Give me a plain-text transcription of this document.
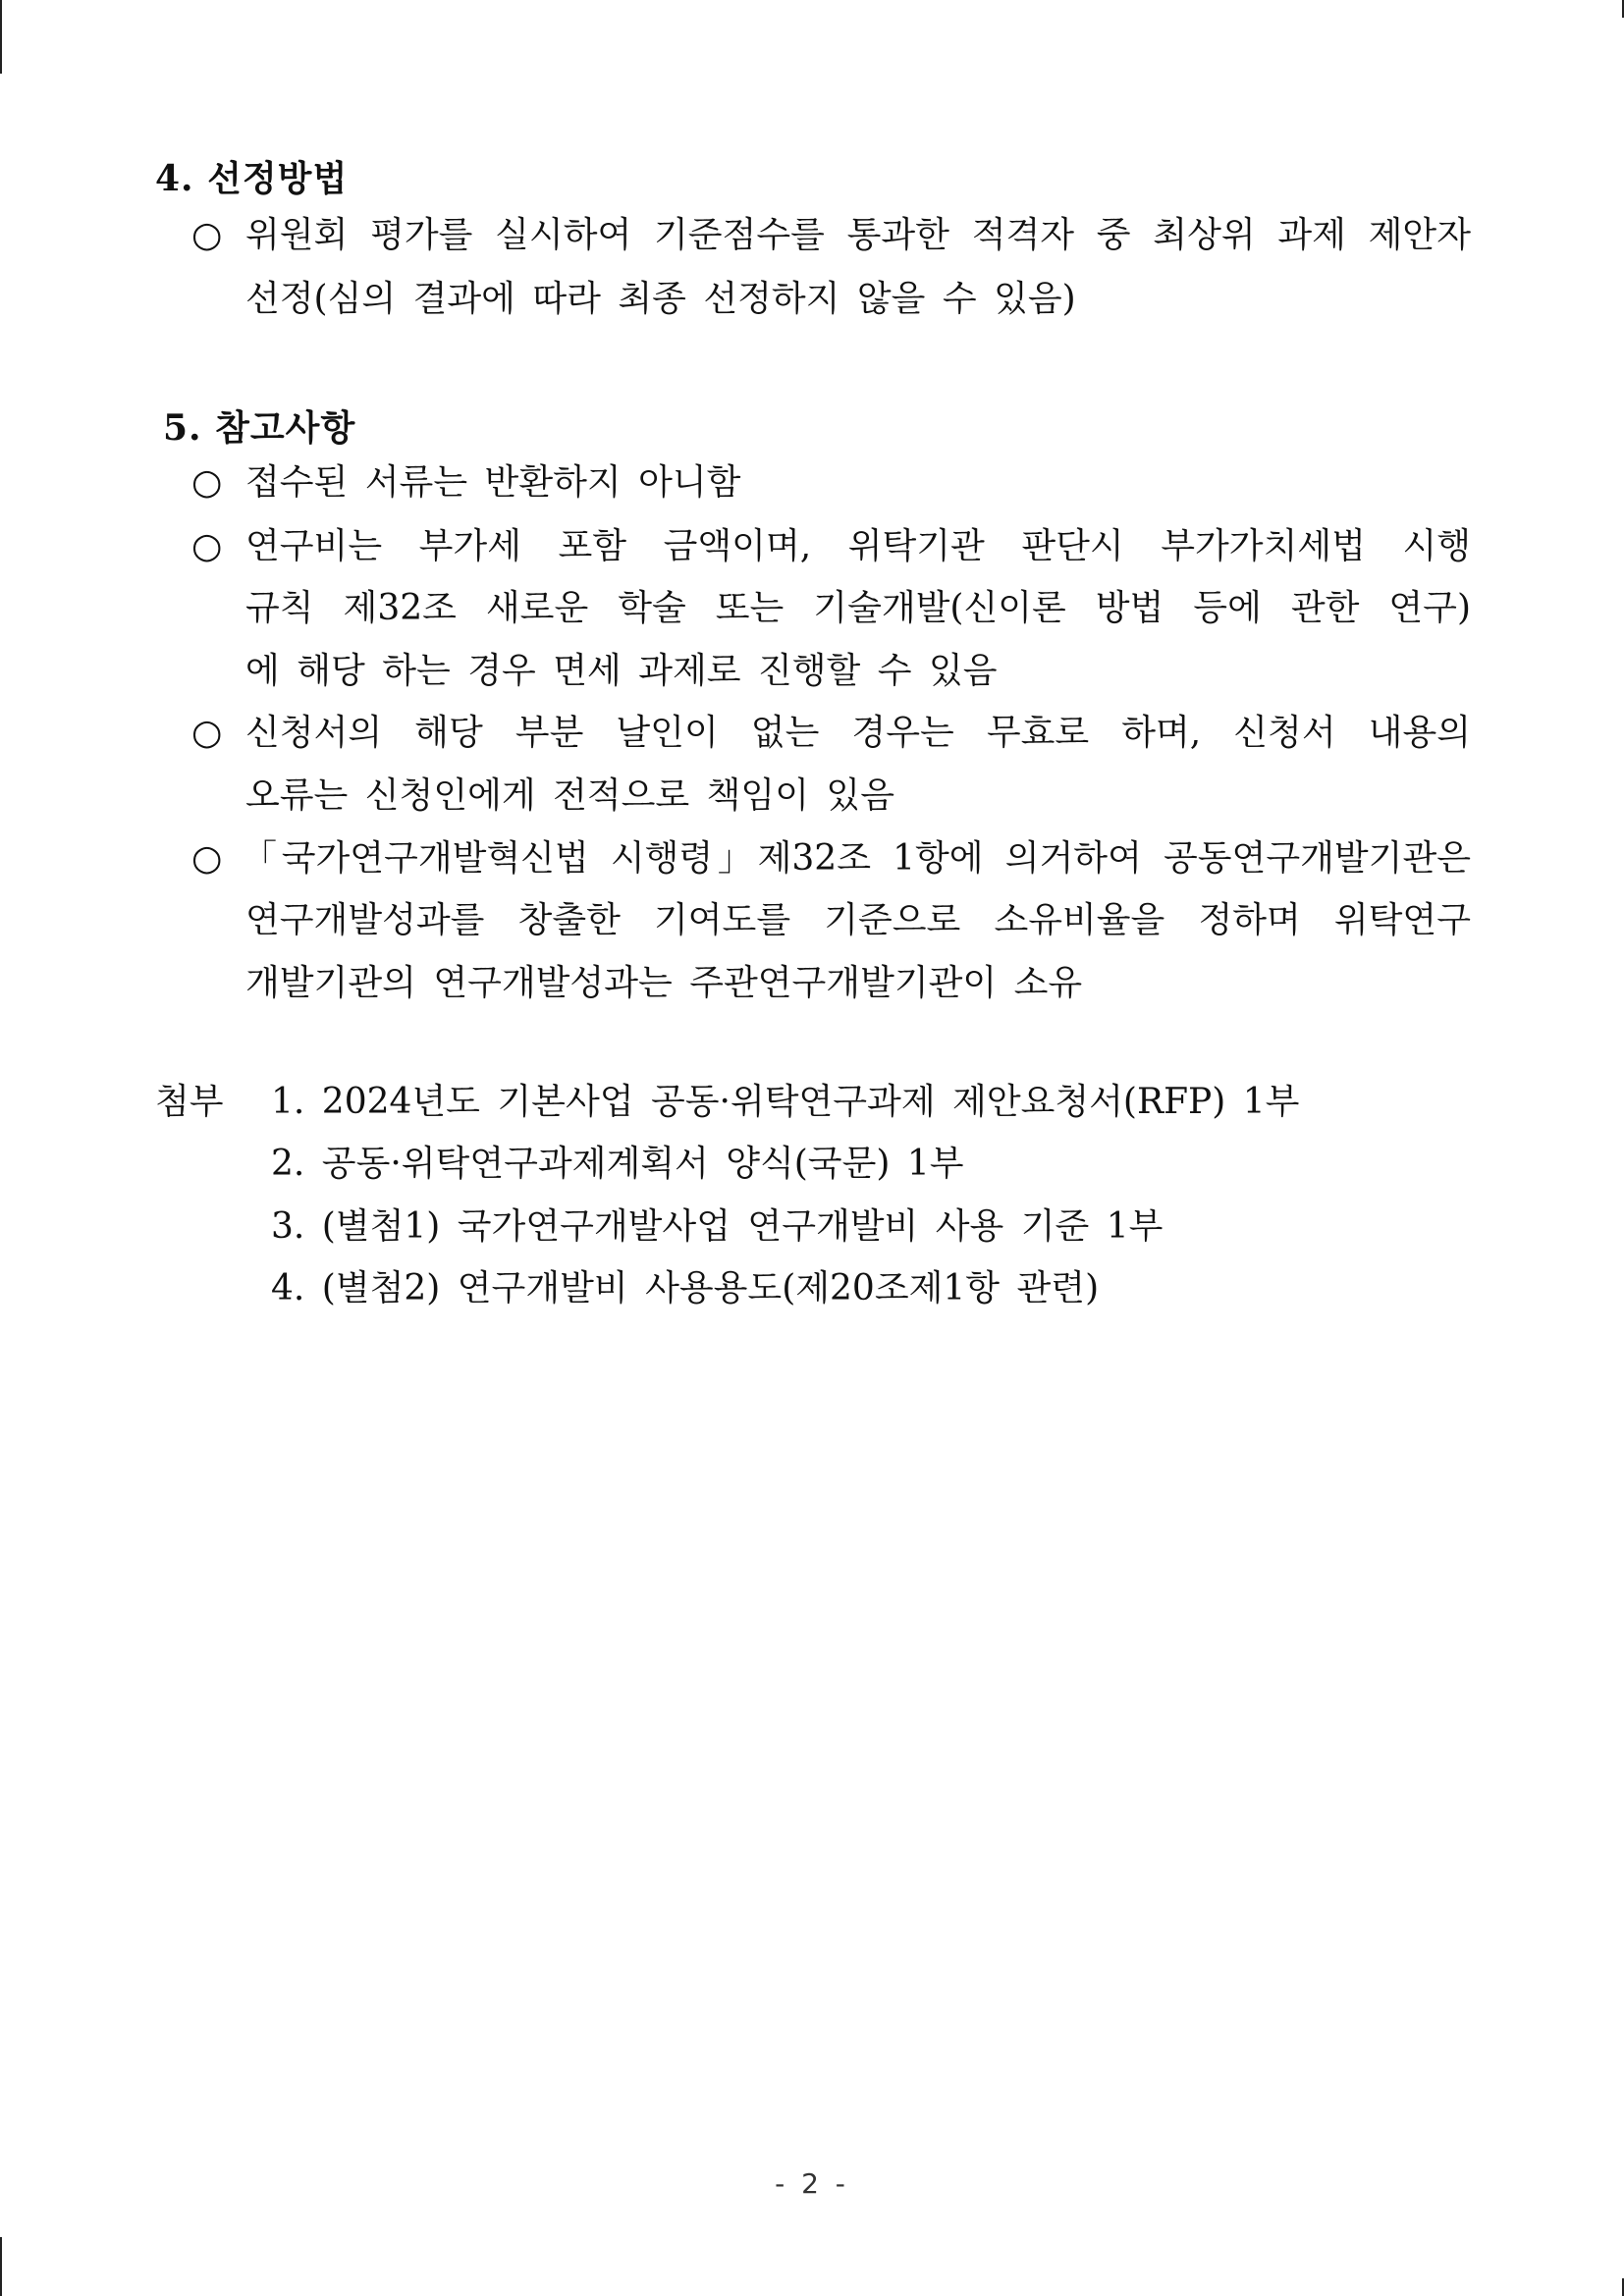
4. 선정방법
○ 위원회 평가를 실시하여 기준점수를 통과한 적격자 중 최상위 과제 제안자
선정(심의 결과에 따라 최종 선정하지 않을 수 있음)
5. 참고사항
○ 접수된 서류는 반환하지 아니함
○ 연구비는 부가세 포함 금액이며, 위탁기관 판단시 부가가치세법 시행
규칙 제32조 새로운 학술 또는 기술개발(신이론 방법 등에 관한 연구)
에 해당 하는 경우 면세 과제로 진행할 수 있음
○ 신청서의 해당 부분 날인이 없는 경우는 무효로 하며, 신청서 내용의
오류는 신청인에게 전적으로 책임이 있음
○ 「국가연구개발혁신법 시행령」제32조 1항에 의거하여 공동연구개발기관은
연구개발성과를 창출한 기여도를 기준으로 소유비율을 정하며 위탁연구
개발기관의 연구개발성과는 주관연구개발기관이 소유
첨부 1. 2024년도 기본사업 공동·위탁연구과제 제안요청서(RFP) 1부
2. 공동·위탁연구과제계획서 양식(국문) 1부
3. (별첨1) 국가연구개발사업 연구개발비 사용 기준 1부
4. (별첨2) 연구개발비 사용용도(제20조제1항 관련)
- 2 -
